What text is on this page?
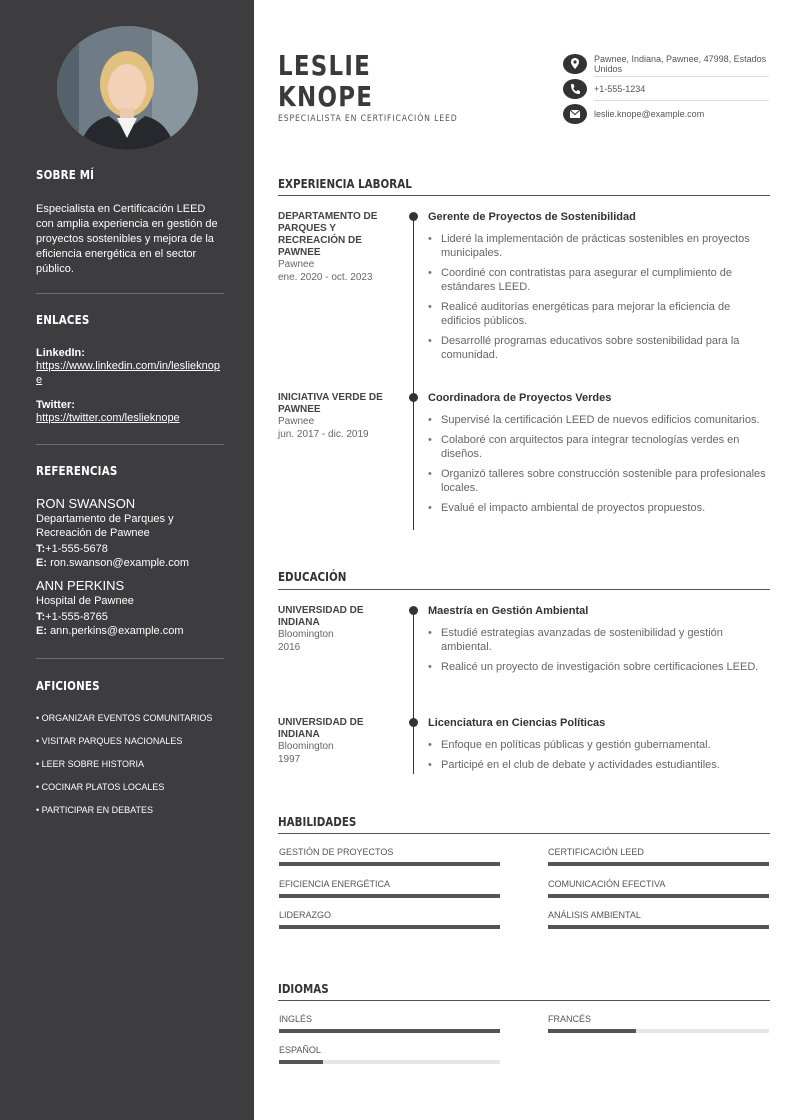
SOBRE MÍ
Especialista en Certificación LEED con amplia experiencia en gestión de proyectos sostenibles y mejora de la eficiencia energética en el sector público.
ENLACES
LinkedIn:
https://www.linkedin.com/in/leslieknope
Twitter:
https://twitter.com/leslieknope
REFERENCIAS
RON SWANSON
Departamento de Parques y Recreación de Pawnee
T:+1-555-5678
E: ron.swanson@example.com
ANN PERKINS
Hospital de Pawnee
T:+1-555-8765
E: ann.perkins@example.com
AFICIONES
• ORGANIZAR EVENTOS COMUNITARIOS
• VISITAR PARQUES NACIONALES
• LEER SOBRE HISTORIA
• COCINAR PLATOS LOCALES
• PARTICIPAR EN DEBATES
LESLIE
KNOPE
ESPECIALISTA EN CERTIFICACIÓN LEED
Pawnee, Indiana, Pawnee, 47998, Estados Unidos
+1-555-1234
leslie.knope@example.com
EXPERIENCIA LABORAL
DEPARTAMENTO DE PARQUES Y RECREACIÓN DE PAWNEE
Pawnee
ene. 2020 - oct. 2023
Gerente de Proyectos de Sostenibilidad
• Lideré la implementación de prácticas sostenibles en proyectos municipales.
• Coordiné con contratistas para asegurar el cumplimiento de estándares LEED.
• Realicé auditorías energéticas para mejorar la eficiencia de edificios públicos.
• Desarrollé programas educativos sobre sostenibilidad para la comunidad.
INICIATIVA VERDE DE PAWNEE
Pawnee
jun. 2017 - dic. 2019
Coordinadora de Proyectos Verdes
• Supervisé la certificación LEED de nuevos edificios comunitarios.
• Colaboré con arquitectos para integrar tecnologías verdes en diseños.
• Organizó talleres sobre construcción sostenible para profesionales locales.
• Evalué el impacto ambiental de proyectos propuestos.
EDUCACIÓN
UNIVERSIDAD DE INDIANA
Bloomington
2016
Maestría en Gestión Ambiental
• Estudié estrategias avanzadas de sostenibilidad y gestión ambiental.
• Realicé un proyecto de investigación sobre certificaciones LEED.
UNIVERSIDAD DE INDIANA
Bloomington
1997
Licenciatura en Ciencias Políticas
• Enfoque en políticas públicas y gestión gubernamental.
• Participé en el club de debate y actividades estudiantiles.
HABILIDADES
GESTIÓN DE PROYECTOS	CERTIFICACIÓN LEED
EFICIENCIA ENERGÉTICA	COMUNICACIÓN EFECTIVA
LIDERAZGO	ANÁLISIS AMBIENTAL
IDIOMAS
INGLÉS	FRANCÉS
ESPAÑOL
